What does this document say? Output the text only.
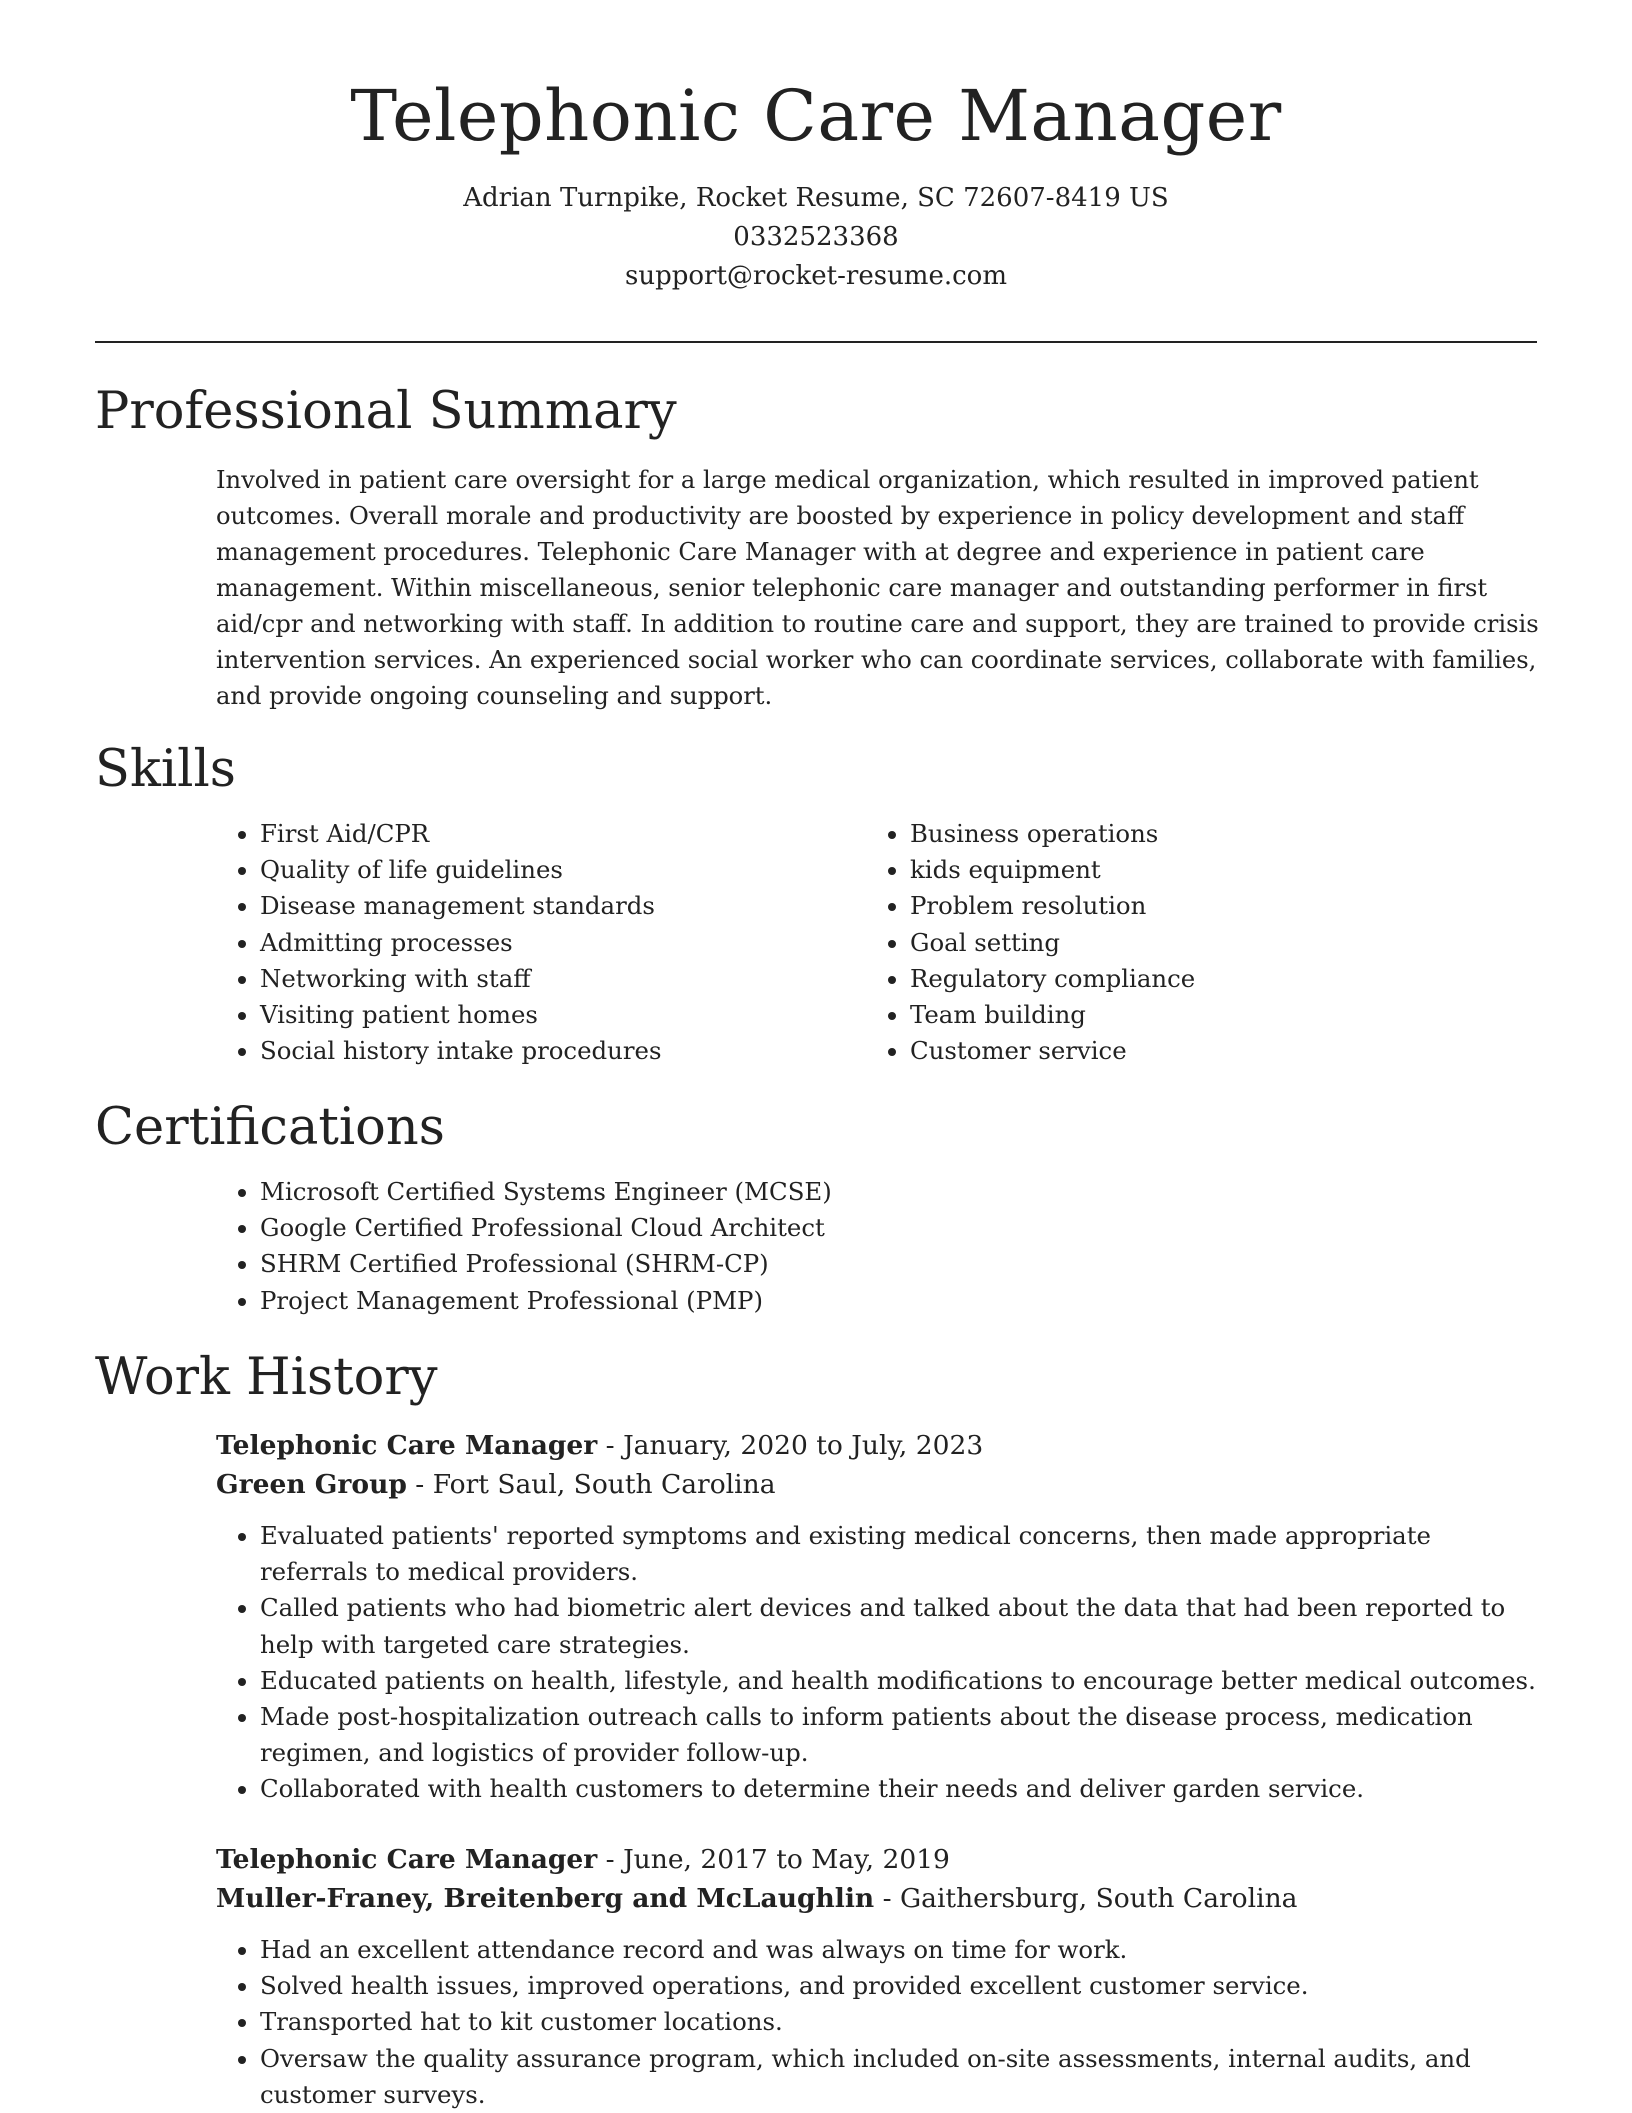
Telephonic Care Manager
Adrian Turnpike, Rocket Resume, SC 72607-8419 US
0332523368
support@rocket-resume.com
Professional Summary

Involved in patient care oversight for a large medical organization, which resulted in improved patient outcomes. Overall morale and productivity are boosted by experience in policy development and staff management procedures. Telephonic Care Manager with at degree and experience in patient care management. Within miscellaneous, senior telephonic care manager and outstanding performer in first aid/cpr and networking with staff. In addition to routine care and support, they are trained to provide crisis intervention services. An experienced social worker who can coordinate services, collaborate with families, and provide ongoing counseling and support.

Skills
• First Aid/CPR
• Quality of life guidelines
• Disease management standards
• Admitting processes
• Networking with staff
• Visiting patient homes
• Social history intake procedures
• Business operations
• kids equipment
• Problem resolution
• Goal setting
• Regulatory compliance
• Team building
• Customer service
Certifications
• Microsoft Certified Systems Engineer (MCSE)
• Google Certified Professional Cloud Architect
• SHRM Certified Professional (SHRM-CP)
• Project Management Professional (PMP)
Work History
Telephonic Care Manager - January, 2020 to July, 2023
Green Group - Fort Saul, South Carolina
• Evaluated patients' reported symptoms and existing medical concerns, then made appropriate referrals to medical providers.
• Called patients who had biometric alert devices and talked about the data that had been reported to help with targeted care strategies.
• Educated patients on health, lifestyle, and health modifications to encourage better medical outcomes.
• Made post-hospitalization outreach calls to inform patients about the disease process, medication regimen, and logistics of provider follow-up.
• Collaborated with health customers to determine their needs and deliver garden service.
Telephonic Care Manager - June, 2017 to May, 2019
Muller-Franey, Breitenberg and McLaughlin - Gaithersburg, South Carolina
• Had an excellent attendance record and was always on time for work.
• Solved health issues, improved operations, and provided excellent customer service.
• Transported hat to kit customer locations.
• Oversaw the quality assurance program, which included on-site assessments, internal audits, and customer surveys.
